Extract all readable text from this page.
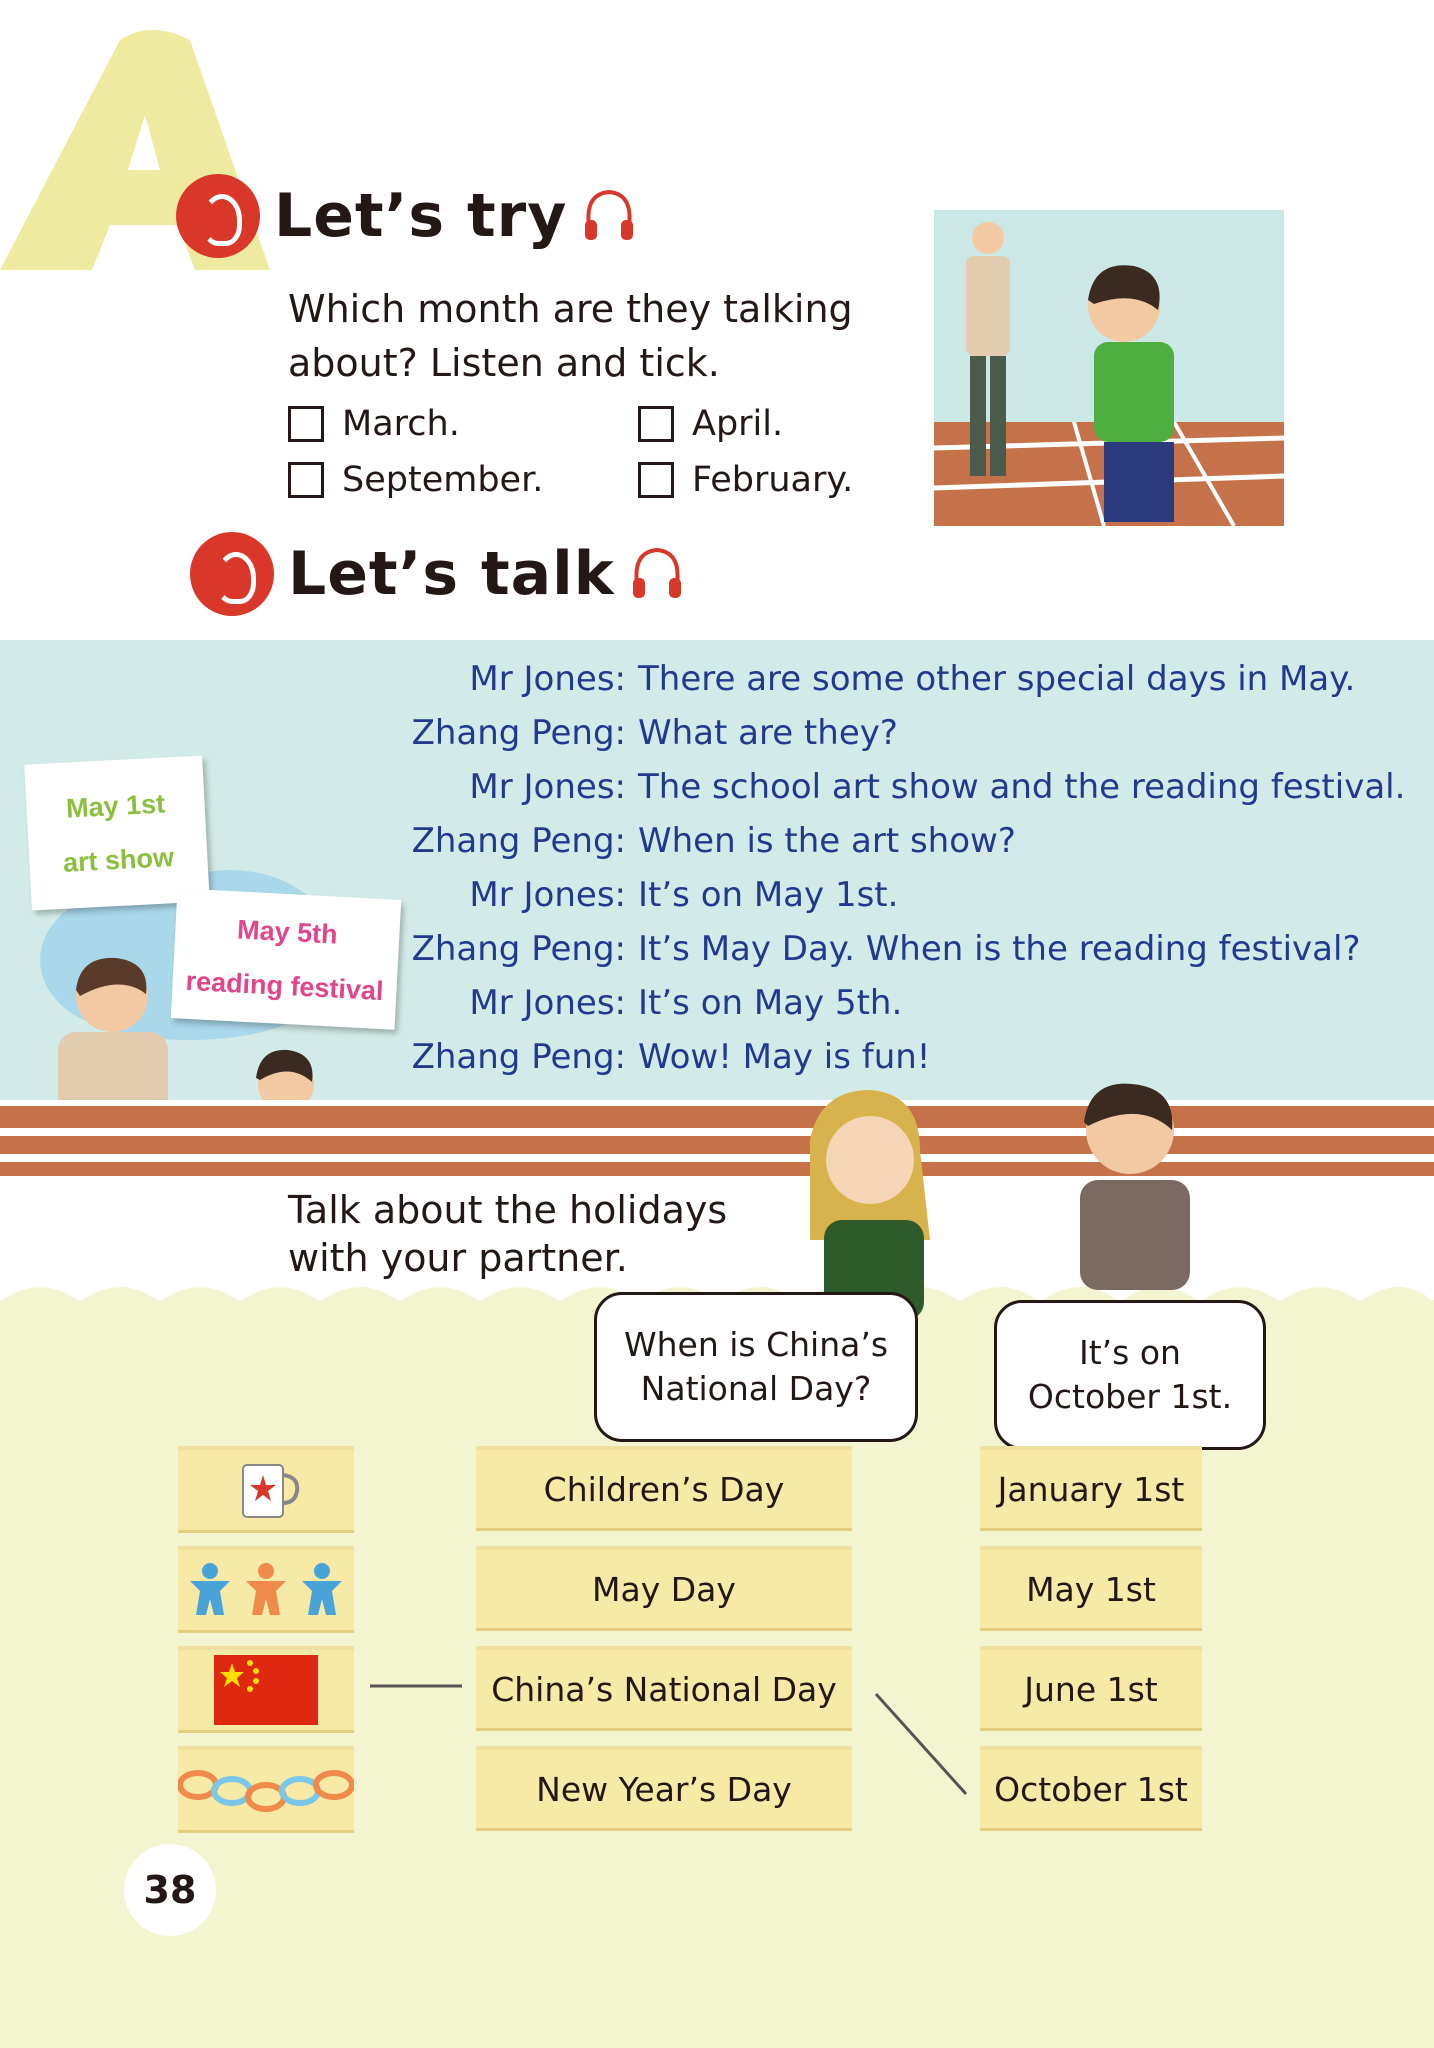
Let’s try
Which month are they talking
about? Listen and tick.
March.	April.
September.	February.
Let’s talk
May 1st
art show
May 5th
reading festival
Mr Jones: There are some other special days in May.
Zhang Peng: What are they?
Mr Jones: The school art show and the reading festival.
Zhang Peng: When is the art show?
Mr Jones: It’s on May 1st.
Zhang Peng: It’s May Day. When is the reading festival?
Mr Jones: It’s on May 5th.
Zhang Peng: Wow! May is fun!
Talk about the holidays
with your partner.
When is China’s
National Day?
It’s on
October 1st.
Children’s Day
May Day
China’s National Day
New Year’s Day
January 1st
May 1st
June 1st
October 1st
38
